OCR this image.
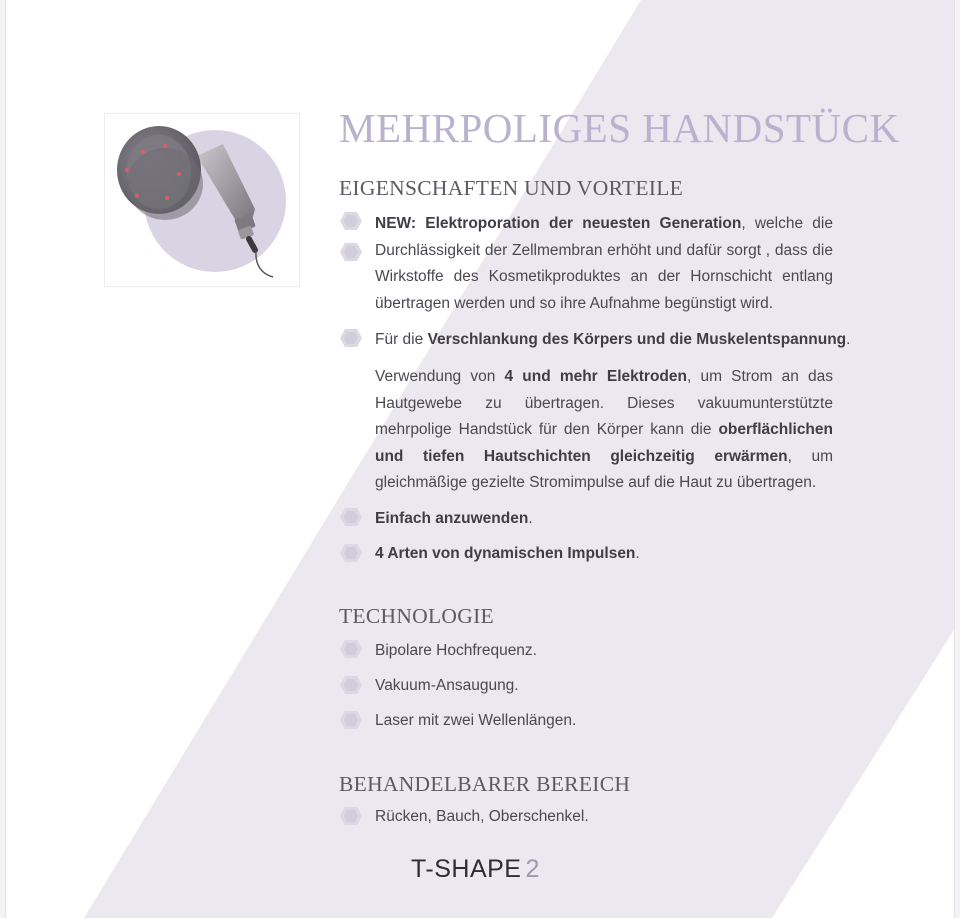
MEHRPOLIGES HANDSTÜCK
EIGENSCHAFTEN UND VORTEILE
NEW: Elektroporation der neuesten Generation, welche die
Durchlässigkeit der Zellmembran erhöht und dafür sorgt , dass die
Wirkstoffe des Kosmetikproduktes an der Hornschicht entlang
übertragen werden und so ihre Aufnahme begünstigt wird.
Für die Verschlankung des Körpers und die Muskelentspannung.
Verwendung von 4 und mehr Elektroden, um Strom an das
Hautgewebe zu übertragen. Dieses vakuumunterstützte
mehrpolige Handstück für den Körper kann die oberflächlichen
und tiefen Hautschichten gleichzeitig erwärmen, um
gleichmäßige gezielte Stromimpulse auf die Haut zu übertragen.
Einfach anzuwenden.
4 Arten von dynamischen Impulsen.
TECHNOLOGIE
Bipolare Hochfrequenz.
Vakuum-Ansaugung.
Laser mit zwei Wellenlängen.
BEHANDELBARER BEREICH
Rücken, Bauch, Oberschenkel.
T-SHAPE 2
